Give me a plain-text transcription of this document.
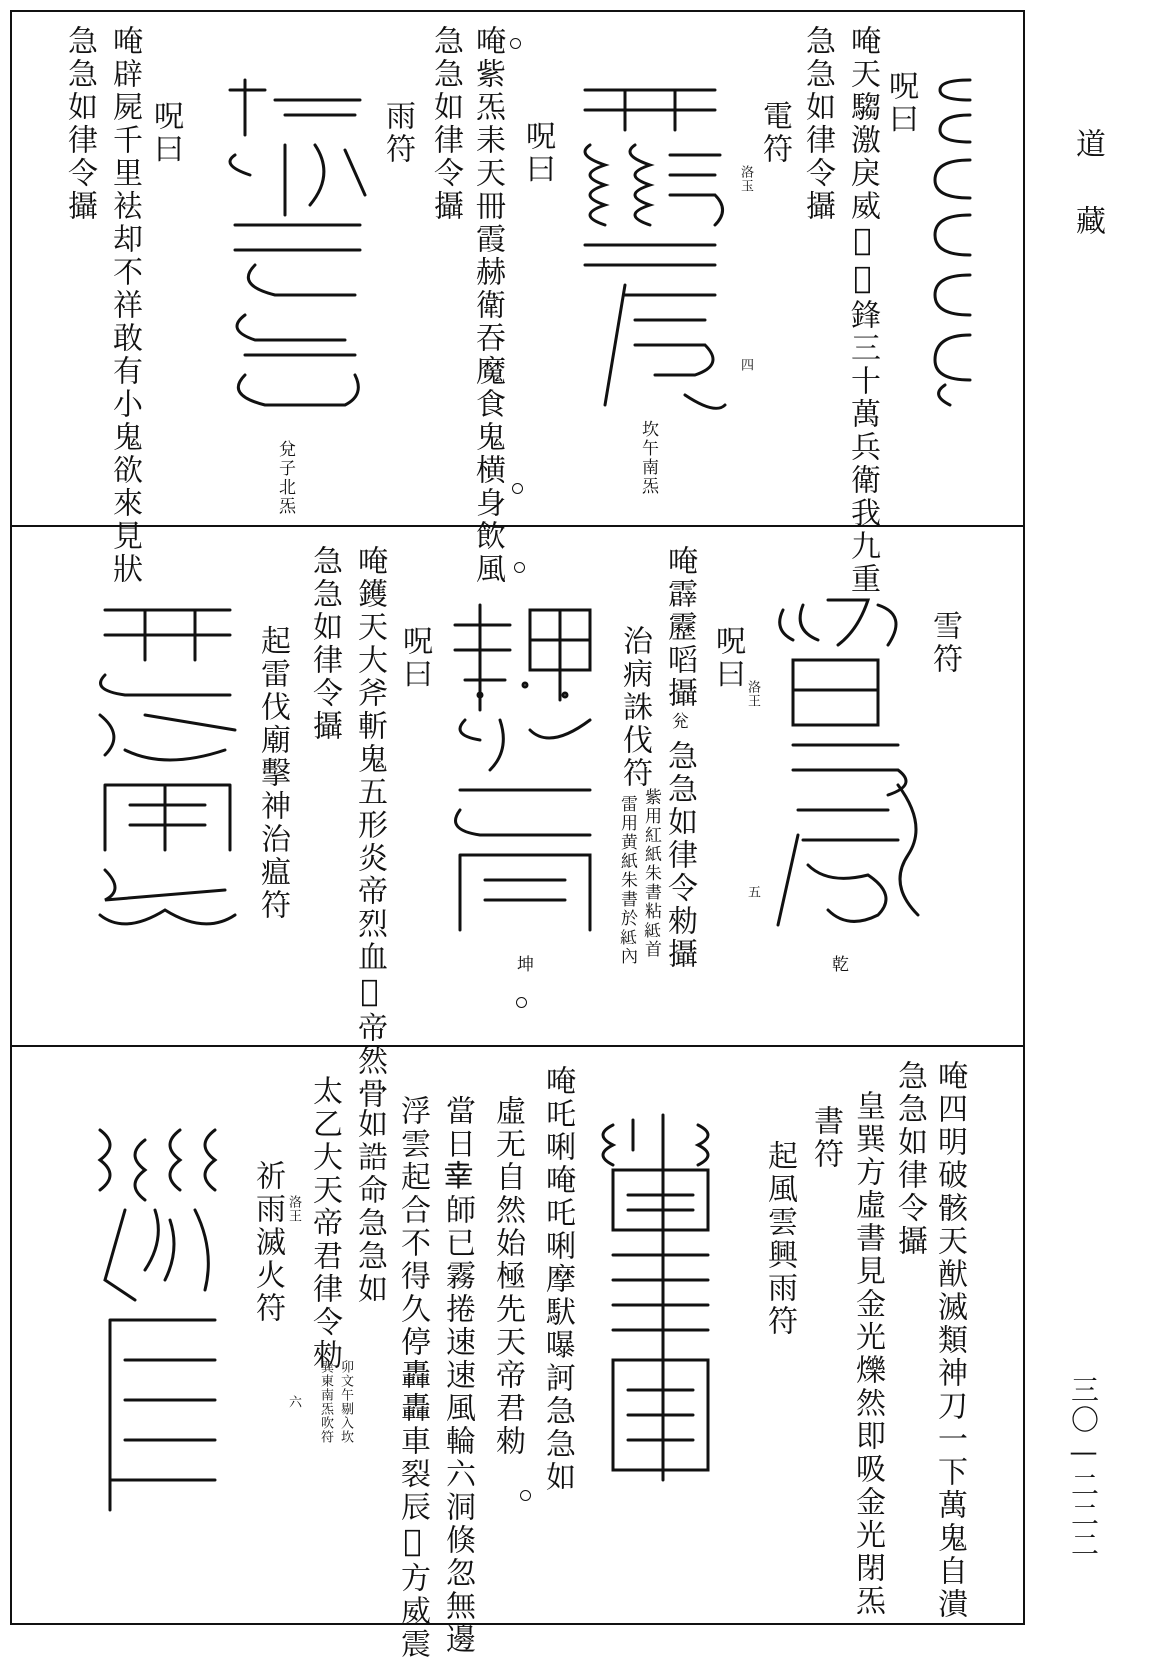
道 藏
三〇—二二二
呪曰
唵天騶激戾威𡉥𣠭鋒三十萬兵衛我九重
急急如律令攝
電符
洛玉
四
坎午南炁
唵紫炁耒天冊霞赫衛吞魔食鬼横身飲風 呪曰
急急如律令攝
雨符
兌子北炁
呪曰
唵辟屍千里袪却不祥敢有小鬼欲來見狀
急急如律令攝
雪符
乾
呪曰
洛王
五
唵霹靂㗖攝
兊
急急如律令勑攝
治病誅伐符
紫用紅紙朱書粘𥿄首
雷用黄紙朱書於𥿄內
坤
呪曰
唵鑊天大斧斬鬼五形炎帝烈血𡉥帝然骨
急急如律令攝
起雷伐廟擊神治瘟符
唵四明破骸天猷滅類神刀一下萬鬼自潰
急急如律令攝
皇巽方虛書見金光爍然即吸金光閉炁
書符
起風雲興雨符
唵吒唎唵吒唎摩䭾嚗訶急急如
虛无自然始極先天帝君勑
當日𦍒師已霧捲速速風輪六洞倏忽無邊
浮雲起合不得久停轟轟車裂辰𡉥方威震
一如誥命急急如
太乙大天帝君律令勑
卯文午剔入坎
巽東南炁吹符
洛王
六
祈雨滅火符
